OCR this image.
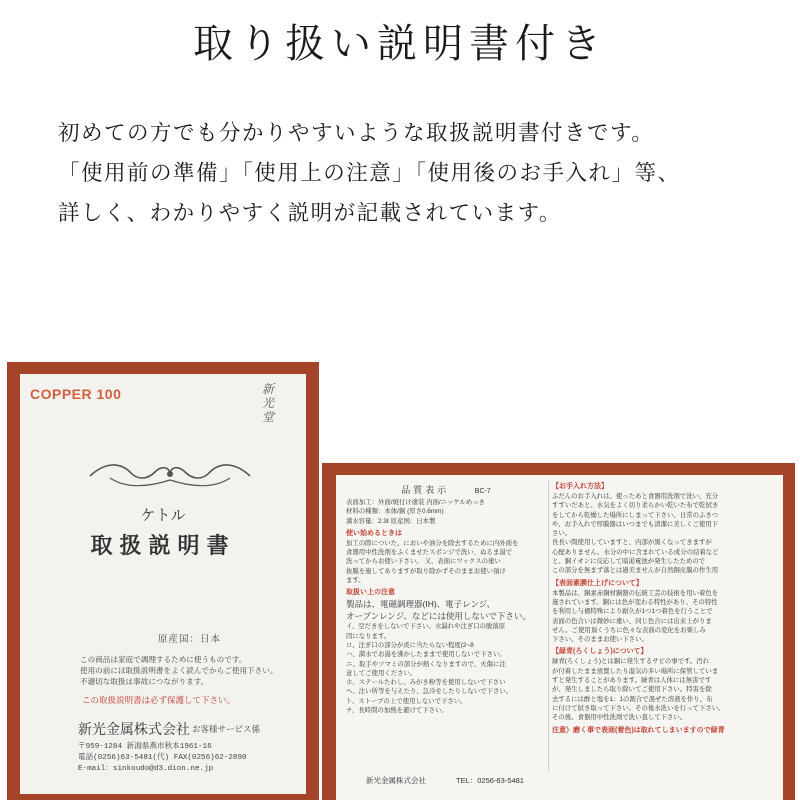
取り扱い説明書付き
初めての方でも分かりやすいような取扱説明書付きです。
「使用前の準備」「使用上の注意」「使用後のお手入れ」等、
詳しく、わかりやすく説明が記載されています。
COPPER 100	新光堂
ケトル
取扱説明書
原産国：日本
この商品は家庭で調理するために使うものです。
使用の前には取扱説明書をよく読んでからご使用下さい。
不適切な取扱は事故につながります。
この取扱説明書は必ず保護して下さい。
新光金属株式会社 お客様サービス係
〒959-1284 新潟県燕市秋本1961-16
電話(0256)63-5481(代) FAX(0256)62-2890
E-mail：sinkoudo@d3.dion.ne.jp
品質表示	BC-7
表面加工：外面/焼付け塗装 内面/ニッケルめっき
材料の種類：本体/銅 (厚さ0.6mm)
満水容量：2.3ℓ 原産国：日本製
使い始めるときは
加工の際についた、においや油分を除去するために内外面を
食器用中性洗剤をふくませたスポンジで洗い、ぬるま湯で
洗ってからお使い下さい。 又、表面にワックスの塗い
抜膜を施してありますが取り除かずそのままお使い頂け
ます。
取扱い上の注意
製品は、電磁調理器(IH)、電子レンジ、
オーブンレンジ、などには使用しないで下さい。
イ、空だきをしないで下さい。水漏れや注ぎ口の脱落原
因になります。
ロ、注ぎ口の部分が炎に当たらない程度(2~8
ハ、満水でお湯を沸かしたままで使用しないで下さい。
ニ、取手やツマミの部分が熱くなりますので、火傷に注
意してご使用ください。
ホ、ステールたわし、みがき粉等を使用しないで下さい
ヘ、注い所等を与えたり、急冷をしたりしないで下さい。
ト、ストーブの上で使用しないで下さい。
チ、長時間の加熱を避けて下さい。
新光金属株式会社	TEL：0256-63-5481
【お手入れ方法】
ふだんのお手入れは、使ったあと食器用洗剤で洗い、充分
すすいだあと、水気をよく切り柔らかい乾いた布で乾拭き
をしてから乾燥した場所にしまって下さい。日常のふきつ
や、お手入れで厚膜器はいつまでも清潔に美しくご使用下
さい。
長長い間使用していますと、内部が黒くなってきますが
心配ありません。水分の中に含まれている成分の結着など
と、銅イオンに反応して暗渇電池が発生したためので
この部分を無まず落とは過美ませんが自然銅皮膜の作生用
【表面素膜仕上げについて】
本製品は、銅素赤銅材銅器の伝統工芸の技術を用い着色を
施されています。銅には色が変わる特性があり、その特性
を利用し与備特殊により耐久が1つ1つ着色を行うことで
表面の色合いは微妙に違い、同じ色合には出来上がりま
せん。ご使用頂くうちに色々な表面の変化をお楽しみ
下さい。そのままお使い下さい。
【緑青(ろくしょう)について】
緑青(ろくしょう)とは銅に発生するサビの事です。汚れ
が付着したまま放置したり湿気の多い場所に保管していま
すと発生することがあります。緑青は人体には無害です
が、発生しましたら取り除いてご使用下さい。特害を除
去するには酢と塩を1：1の割合で混ぜた溶液を作り、布
に付けて拭き取って下さい。その後水洗いを行って下さい。
その後、食器用中性洗剤で洗い直して下さい。
注意）磨く事で表面(着色)は取れてしまいますので緑青
